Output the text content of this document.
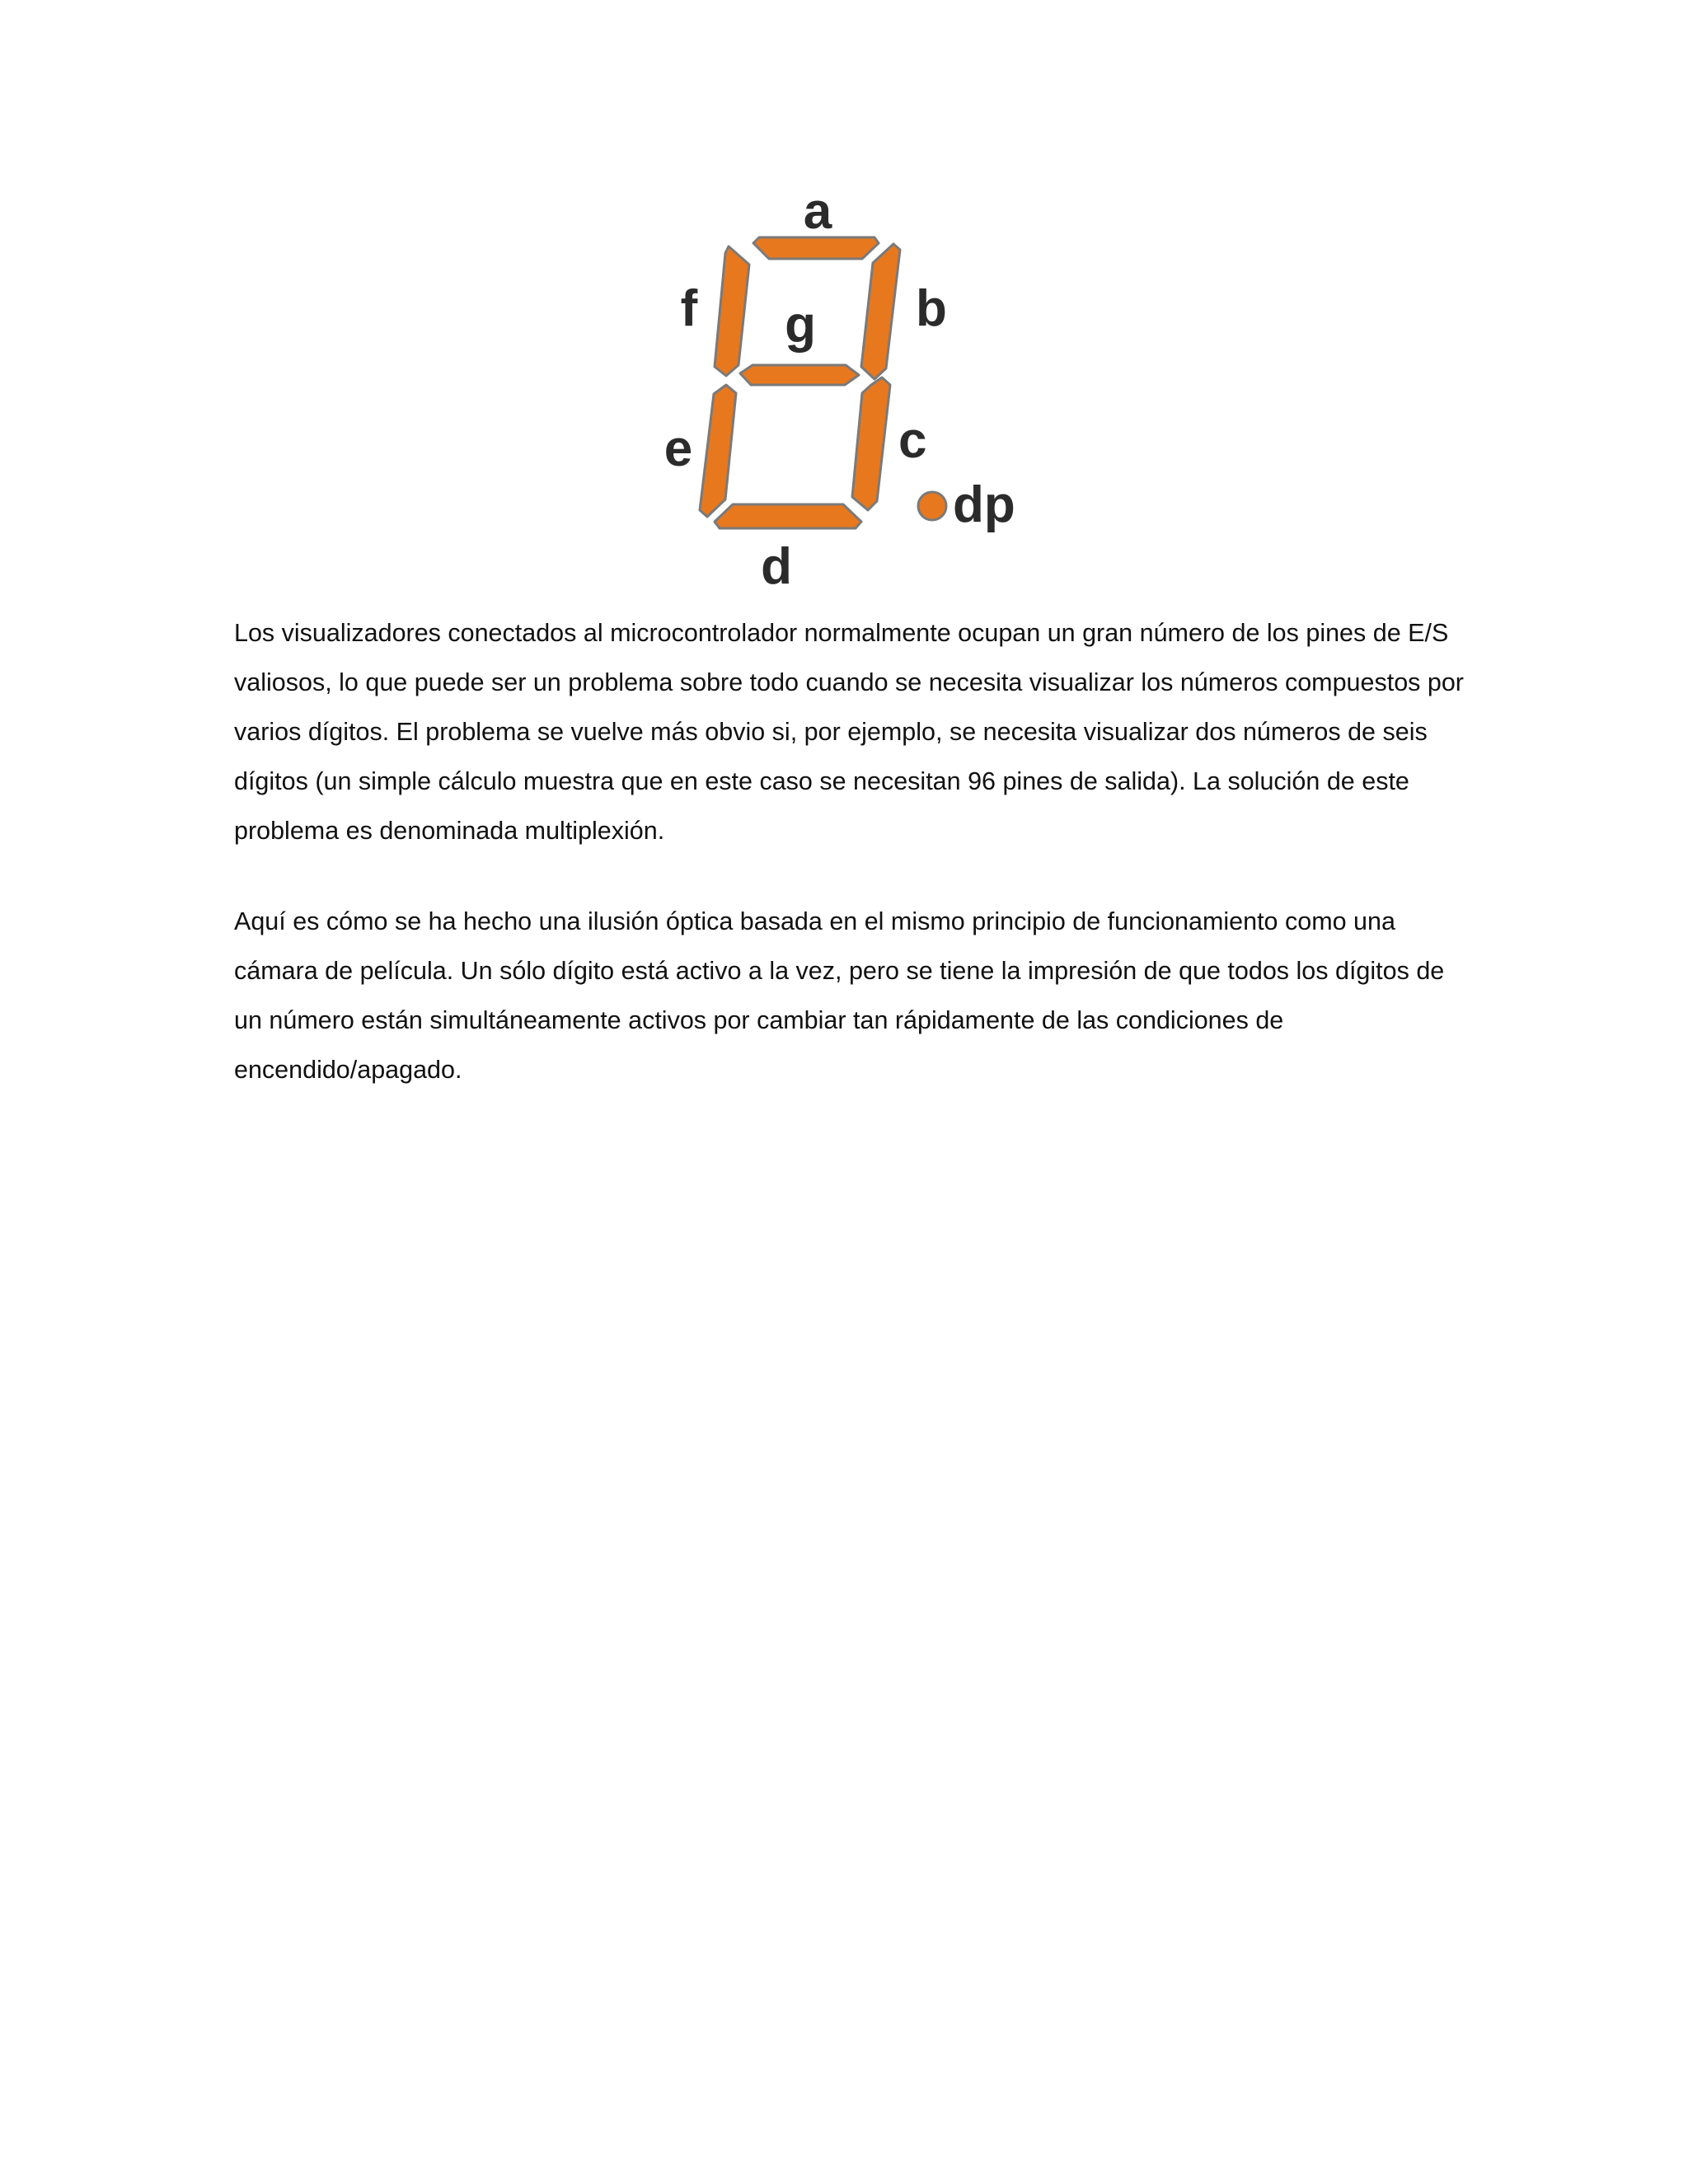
a
b
c
d
e
f g
dp

Los visualizadores conectados al microcontrolador normalmente ocupan un gran número de los pines de E/S
valiosos, lo que puede ser un problema sobre todo cuando se necesita visualizar los números compuestos por
varios dígitos. El problema se vuelve más obvio si, por ejemplo, se necesita visualizar dos números de seis
dígitos (un simple cálculo muestra que en este caso se necesitan 96 pines de salida). La solución de este
problema es denominada multiplexión.

Aquí es cómo se ha hecho una ilusión óptica basada en el mismo principio de funcionamiento como una
cámara de película. Un sólo dígito está activo a la vez, pero se tiene la impresión de que todos los dígitos de
un número están simultáneamente activos por cambiar tan rápidamente de las condiciones de
encendido/apagado.
